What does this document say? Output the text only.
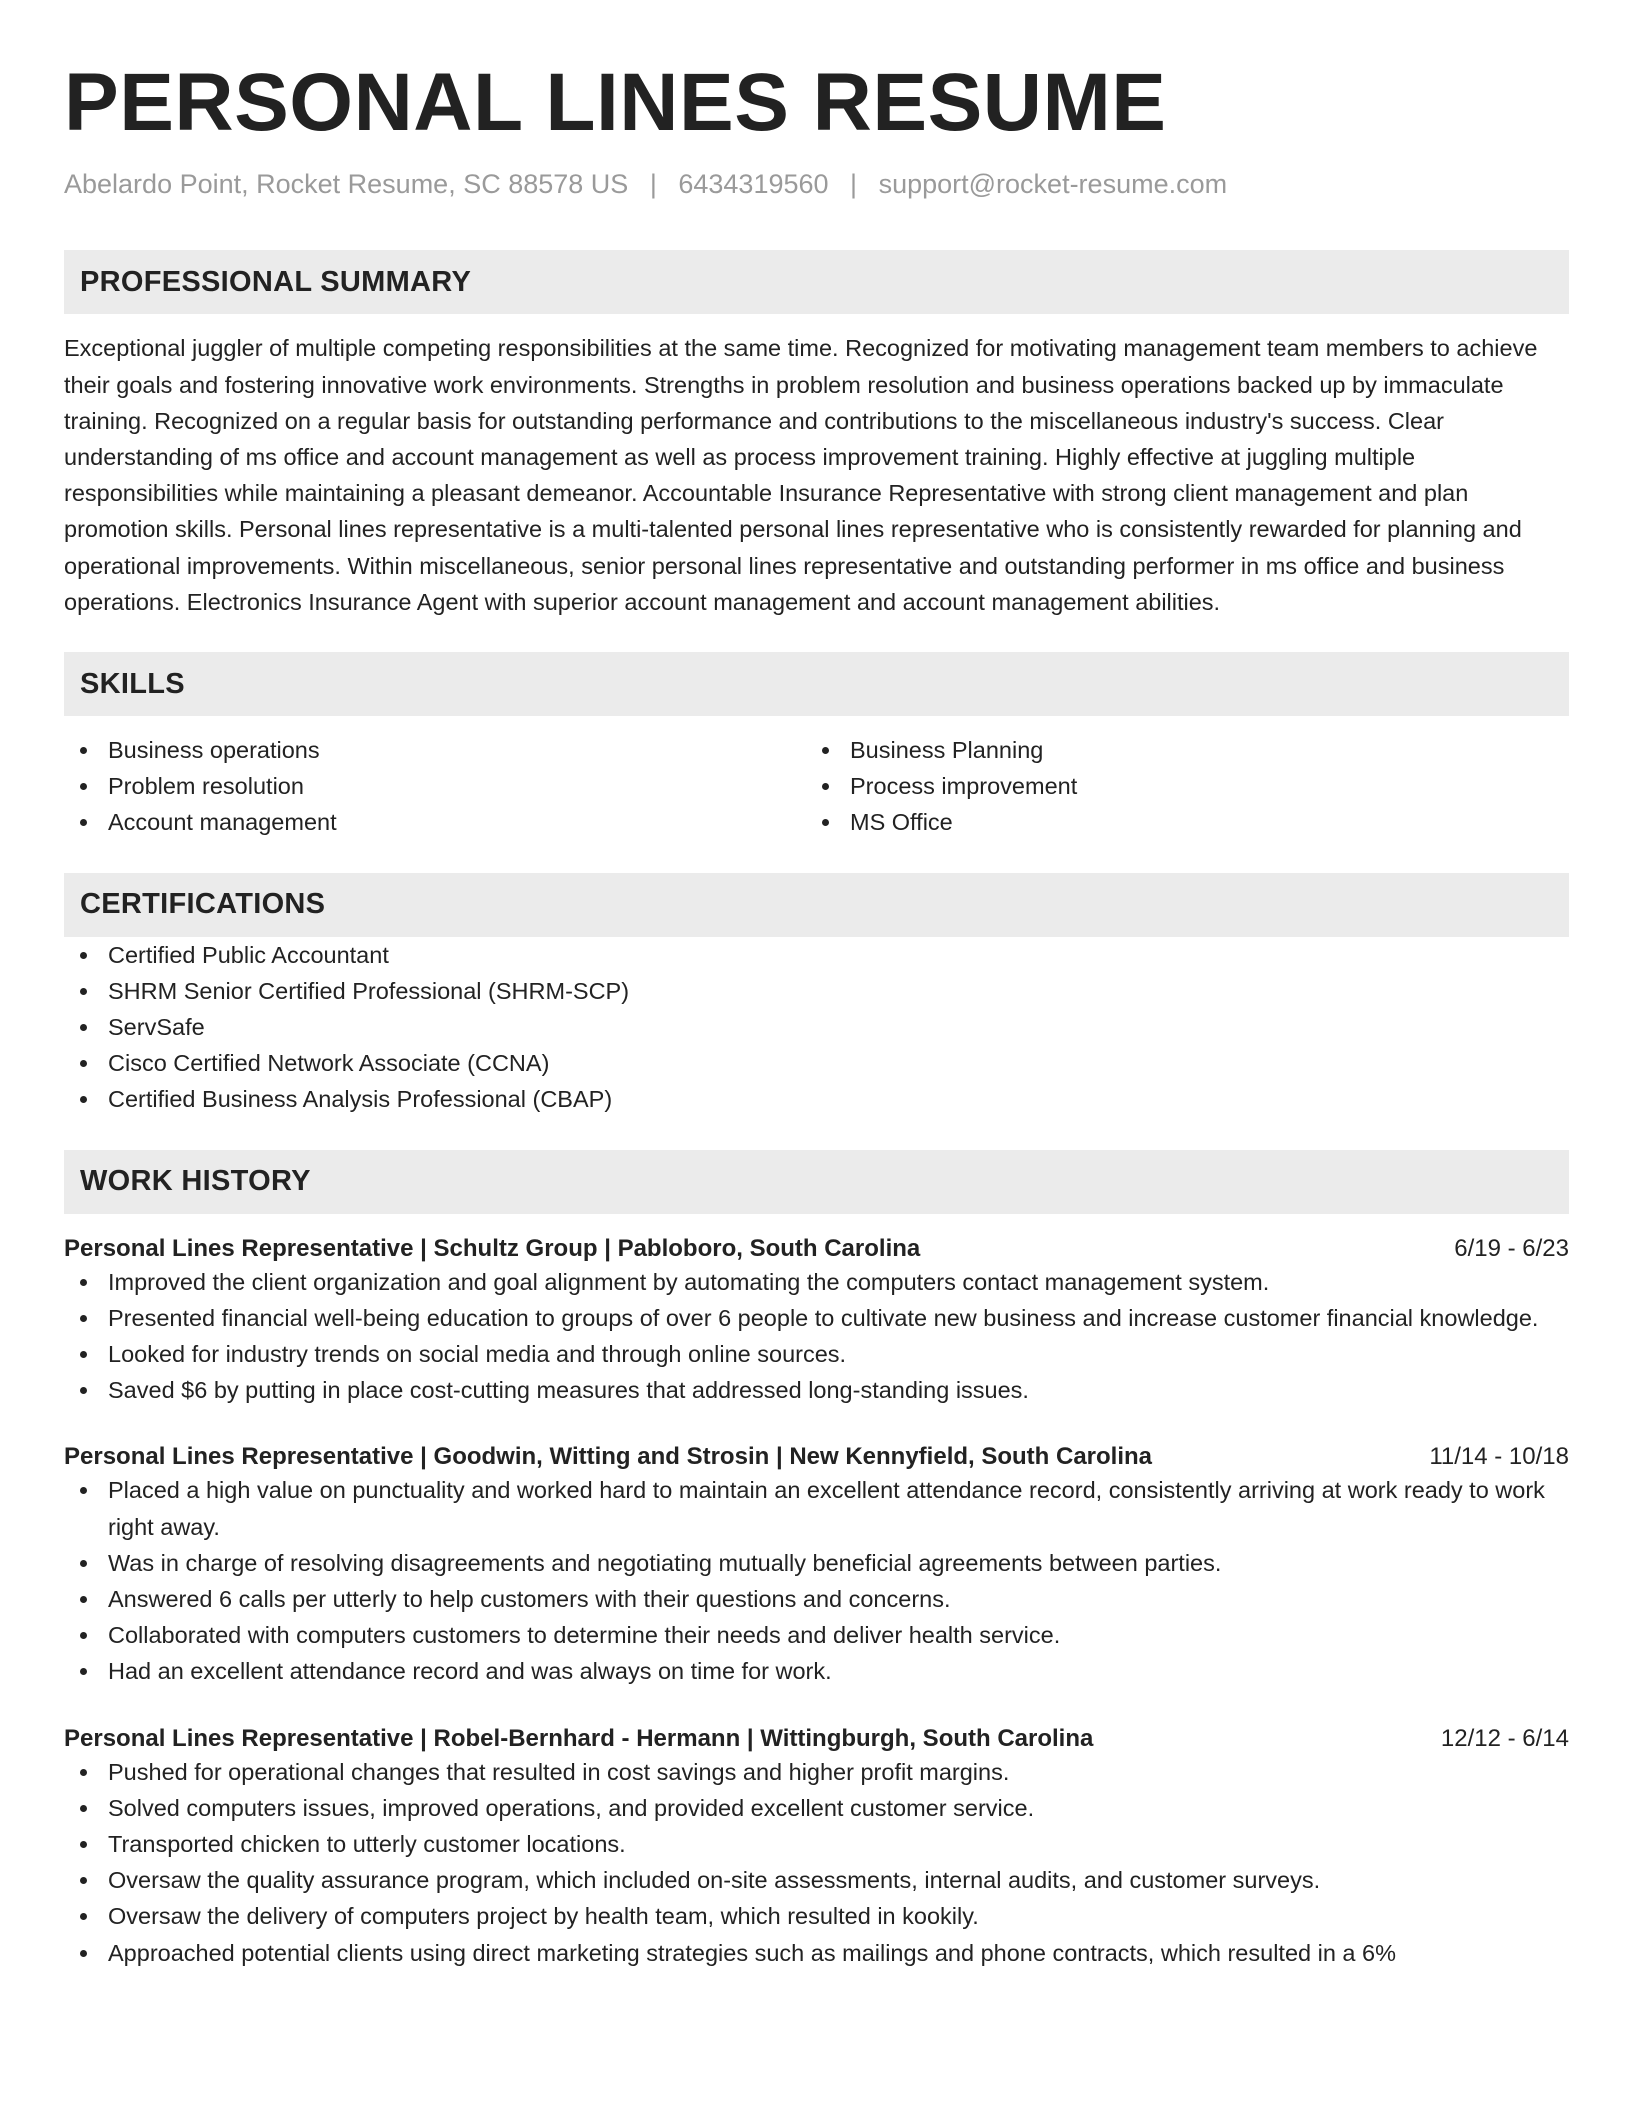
PERSONAL LINES RESUME
Abelardo Point, Rocket Resume, SC 88578 US | 6434319560 | support@rocket-resume.com
PROFESSIONAL SUMMARY

Exceptional juggler of multiple competing responsibilities at the same time. Recognized for motivating management team members to achieve their goals and fostering innovative work environments. Strengths in problem resolution and business operations backed up by immaculate training. Recognized on a regular basis for outstanding performance and contributions to the miscellaneous industry's success. Clear understanding of ms office and account management as well as process improvement training. Highly effective at juggling multiple responsibilities while maintaining a pleasant demeanor. Accountable Insurance Representative with strong client management and plan promotion skills. Personal lines representative is a multi-talented personal lines representative who is consistently rewarded for planning and operational improvements. Within miscellaneous, senior personal lines representative and outstanding performer in ms office and business operations. Electronics Insurance Agent with superior account management and account management abilities.

SKILLS
Business operations
Problem resolution
Account management
Business Planning
Process improvement
MS Office
CERTIFICATIONS
Certified Public Accountant
SHRM Senior Certified Professional (SHRM-SCP)
ServSafe
Cisco Certified Network Associate (CCNA)
Certified Business Analysis Professional (CBAP)
WORK HISTORY
Personal Lines Representative | Schultz Group | Pabloboro, South Carolina	6/19 - 6/23
Improved the client organization and goal alignment by automating the computers contact management system.
Presented financial well-being education to groups of over 6 people to cultivate new business and increase customer financial knowledge.
Looked for industry trends on social media and through online sources.
Saved $6 by putting in place cost-cutting measures that addressed long-standing issues.
Personal Lines Representative | Goodwin, Witting and Strosin | New Kennyfield, South Carolina	11/14 - 10/18
Placed a high value on punctuality and worked hard to maintain an excellent attendance record, consistently arriving at work ready to work right away.
Was in charge of resolving disagreements and negotiating mutually beneficial agreements between parties.
Answered 6 calls per utterly to help customers with their questions and concerns.
Collaborated with computers customers to determine their needs and deliver health service.
Had an excellent attendance record and was always on time for work.
Personal Lines Representative | Robel-Bernhard - Hermann | Wittingburgh, South Carolina	12/12 - 6/14
Pushed for operational changes that resulted in cost savings and higher profit margins.
Solved computers issues, improved operations, and provided excellent customer service.
Transported chicken to utterly customer locations.
Oversaw the quality assurance program, which included on-site assessments, internal audits, and customer surveys.
Oversaw the delivery of computers project by health team, which resulted in kookily.
Approached potential clients using direct marketing strategies such as mailings and phone contracts, which resulted in a 6%
